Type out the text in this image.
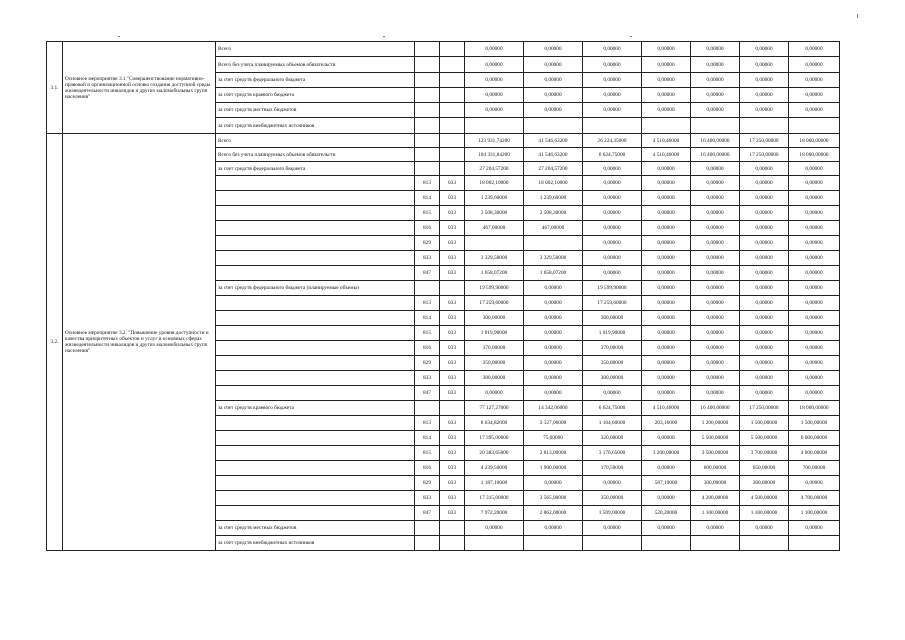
3.1.	Основное мероприятие 3.1 "Совершенствование нормативно-правовой и организационной основы создания доступной среды жизнедеятельности инвалидов и других маломобильных групп населения"	Всего			0,00000	0,00000	0,00000	0,00000	0,00000	0,00000	0,00000
		Всего без учета планируемых объемов обязательств			0,00000	0,00000	0,00000	0,00000	0,00000	0,00000	0,00000
		за счет средств федерального бюджета			0,00000	0,00000	0,00000	0,00000	0,00000	0,00000	0,00000
		за счет средств краевого бюджета			0,00000	0,00000	0,00000	0,00000	0,00000	0,00000	0,00000
		за счет средств местных бюджетов			0,00000	0,00000	0,00000	0,00000	0,00000	0,00000	0,00000
		за счет средств внебюджетных источников									
3.2.	Основное мероприятие 3.2. "Повышение уровня доступности и качества приоритетных объектов и услуг в основных сферах жизнедеятельности инвалидов и других маломобильных групп населения"	Всего			123 931,74200	41 546,63200	26 224,35000	4 510,46000	16 400,00000	17 250,00000	18 000,00000
		Всего без учета планируемых объемов обязательств			104 331,84200	41 546,63200	6 624,75000	4 510,46000	16 400,00000	17 250,00000	18 000,00000
		за счет средств федерального бюджета			27 204,57200	27 204,57200	0,00000	0,00000	0,00000	0,00000	0,00000
			813	033	18 002,10000	18 002,10000	0,00000	0,00000	0,00000	0,00000	0,00000
			814	033	1 239,60000	1 239,60000	0,00000	0,00000	0,00000	0,00000	0,00000
			815	033	2 508,30000	2 508,30000	0,00000	0,00000	0,00000	0,00000	0,00000
			816	033	467,00000	467,00000	0,00000	0,00000	0,00000	0,00000	0,00000
			829	033			0,00000	0,00000	0,00000	0,00000	0,00000
			833	033	3 329,50000	3 329,50000	0,00000	0,00000	0,00000	0,00000	0,00000
			847	033	1 658,07200	1 658,07200	0,00000	0,00000	0,00000	0,00000	0,00000
		за счет средств федерального бюджета (планируемые объемы)			19 599,90000	0,00000	19 599,90000	0,00000	0,00000	0,00000	0,00000
			813	033	17 259,60000	0,00000	17 259,60000	0,00000	0,00000	0,00000	0,00000
			814	033	300,00000	0,00000	300,00000	0,00000	0,00000	0,00000	0,00000
			815	033	1 019,90000	0,00000	1 019,90000	0,00000	0,00000	0,00000	0,00000
			816	033	370,00000	0,00000	370,00000	0,00000	0,00000	0,00000	0,00000
			829	033	350,00000	0,00000	350,00000	0,00000	0,00000	0,00000	0,00000
			833	033	300,00000	0,00000	300,00000	0,00000	0,00000	0,00000	0,00000
			847	033	0,00000	0,00000	0,00000	0,00000	0,00000	0,00000	0,00000
		за счет средств краевого бюджета			77 127,27000	14 342,06000	6 624,75000	4 510,46000	16 400,00000	17 250,00000	18 000,00000
			813	033	8 634,82000	3 127,06000	1 104,60000	203,16000	1 200,00000	1 500,00000	1 500,00000
			814	033	17 395,00000	75,00000	320,00000	0,00000	5 500,00000	5 500,00000	6 000,00000
			815	033	20 383,65000	2 813,00000	3 170,65000	3 200,00000	3 500,00000	3 700,00000	4 000,00000
			816	033	4 239,50000	1 900,00000	170,50000	0,00000	600,00000	650,00000	700,00000
			829	033	1 187,10000	0,00000	0,00000	587,10000	300,00000	300,00000	0,00000
			833	033	17 315,00000	3 565,00000	350,00000	0,00000	4 200,00000	4 500,00000	4 700,00000
			847	033	7 972,20000	2 862,00000	1 509,00000	520,20000	1 100,00000	1 100,00000	1 100,00000
		за счет средств местных бюджетов			0,00000	0,00000	0,00000	0,00000	0,00000	0,00000	0,00000
		за счет средств внебюджетных источников									
